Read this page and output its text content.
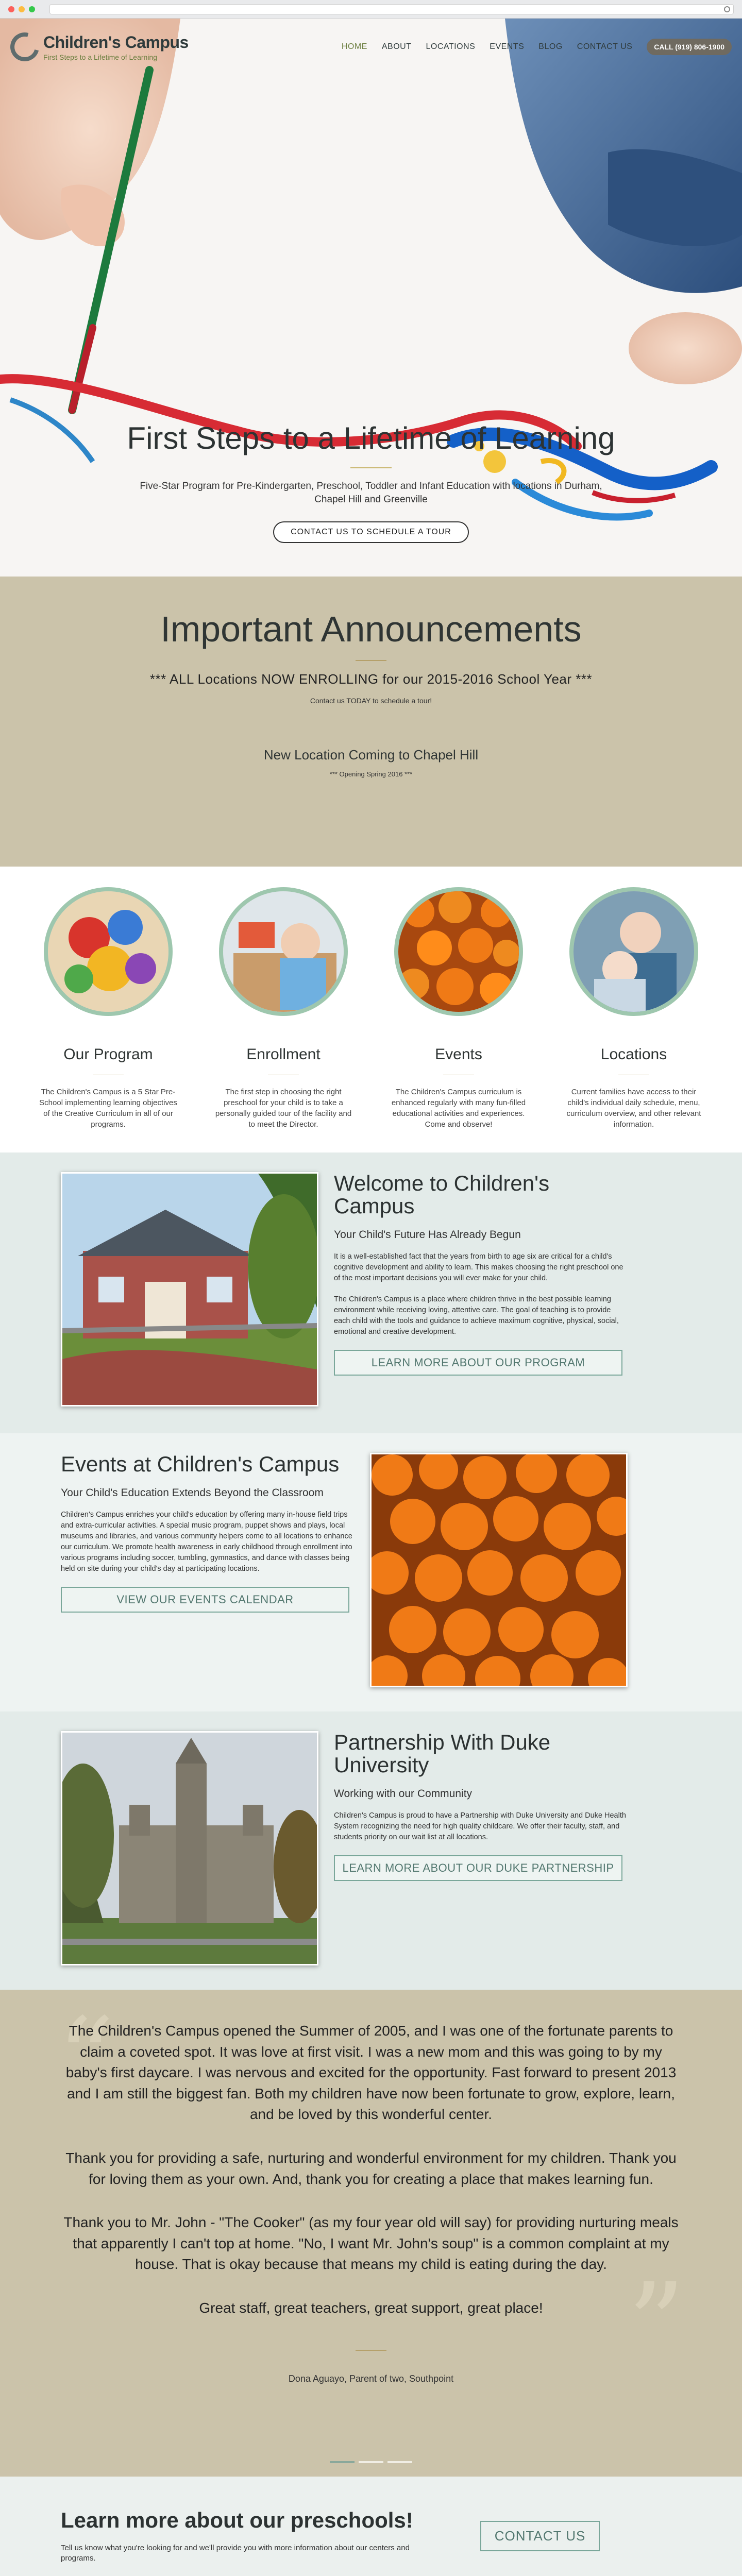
Children's Campus
First Steps to a Lifetime of Learning
HOME ABOUT LOCATIONS EVENTS BLOG CONTACT US	CALL (919) 806-1900
First Steps to a Lifetime of Learning

Five-Star Program for Pre-Kindergarten, Preschool, Toddler and Infant Education with locations in Durham, Chapel Hill and Greenville

CONTACT US TO SCHEDULE A TOUR
Important Announcements
*** ALL Locations NOW ENROLLING for our 2015-2016 School Year ***
Contact us TODAY to schedule a tour!
New Location Coming to Chapel Hill
*** Opening Spring 2016 ***
Our Program
The Children's Campus is a 5 Star Pre-School implementing learning objectives of the Creative Curriculum in all of our programs.
Enrollment
The first step in choosing the right preschool for your child is to take a personally guided tour of the facility and to meet the Director.
Events
The Children's Campus curriculum is enhanced regularly with many fun-filled educational activities and experiences. Come and observe!
Locations
Current families have access to their child's individual daily schedule, menu, curriculum overview, and other relevant information.
Welcome to Children's Campus
Your Child's Future Has Already Begun

It is a well-established fact that the years from birth to age six are critical for a child's cognitive development and ability to learn. This makes choosing the right preschool one of the most important decisions you will ever make for your child.

The Children's Campus is a place where children thrive in the best possible learning environment while receiving loving, attentive care. The goal of teaching is to provide each child with the tools and guidance to achieve maximum cognitive, physical, social, emotional and creative development.

LEARN MORE ABOUT OUR PROGRAM
Events at Children's Campus
Your Child's Education Extends Beyond the Classroom

Children's Campus enriches your child's education by offering many in-house field trips and extra-curricular activities. A special music program, puppet shows and plays, local museums and libraries, and various community helpers come to all locations to enhance our curriculum. We promote health awareness in early childhood through enrollment into various programs including soccer, tumbling, gymnastics, and dance with classes being held on site during your child's day at participating locations.

VIEW OUR EVENTS CALENDAR
Partnership With Duke University
Working with our Community

Children's Campus is proud to have a Partnership with Duke University and Duke Health System recognizing the need for high quality childcare. We offer their faculty, staff, and students priority on our wait list at all locations.

LEARN MORE ABOUT OUR DUKE PARTNERSHIP
“
”

The Children's Campus opened the Summer of 2005, and I was one of the fortunate parents to claim a coveted spot. It was love at first visit. I was a new mom and this was going to by my baby's first daycare. I was nervous and excited for the opportunity. Fast forward to present 2013 and I am still the biggest fan. Both my children have now been fortunate to grow, explore, learn, and be loved by this wonderful center.

Thank you for providing a safe, nurturing and wonderful environment for my children. Thank you for loving them as your own. And, thank you for creating a place that makes learning fun.

Thank you to Mr. John - "The Cooker" (as my four year old will say) for providing nurturing meals that apparently I can't top at home. "No, I want Mr. John's soup" is a common complaint at my house. That is okay because that means my child is eating during the day.

Great staff, great teachers, great support, great place!

Dona Aguayo, Parent of two, Southpoint
Learn more about our preschools!

Tell us know what you're looking for and we'll provide you with more information about our centers and programs.

CONTACT US
